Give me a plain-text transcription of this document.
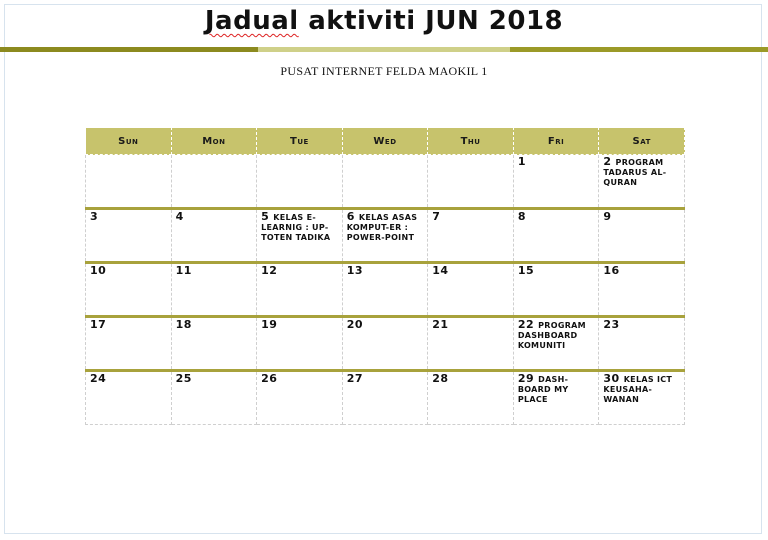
Jadual aktiviti JUN 2018
PUSAT INTERNET FELDA MAOKIL 1
Sun	Mon	Tue	Wed	Thu	Fri	Sat
					1	2 PROGRAM TADARUS AL-QURAN
3	4	5 KELAS E-LEARNIG : UP-TOTEN TADIKA	6 KELAS ASAS KOMPUT-ER : POWER-POINT	7	8	9
10	11	12	13	14	15	16
17	18	19	20	21	22 PROGRAM DASHBOARD KOMUNITI	23
24	25	26	27	28	29 DASH-BOARD MY PLACE	30 KELAS ICT KEUSAHA-WANAN
